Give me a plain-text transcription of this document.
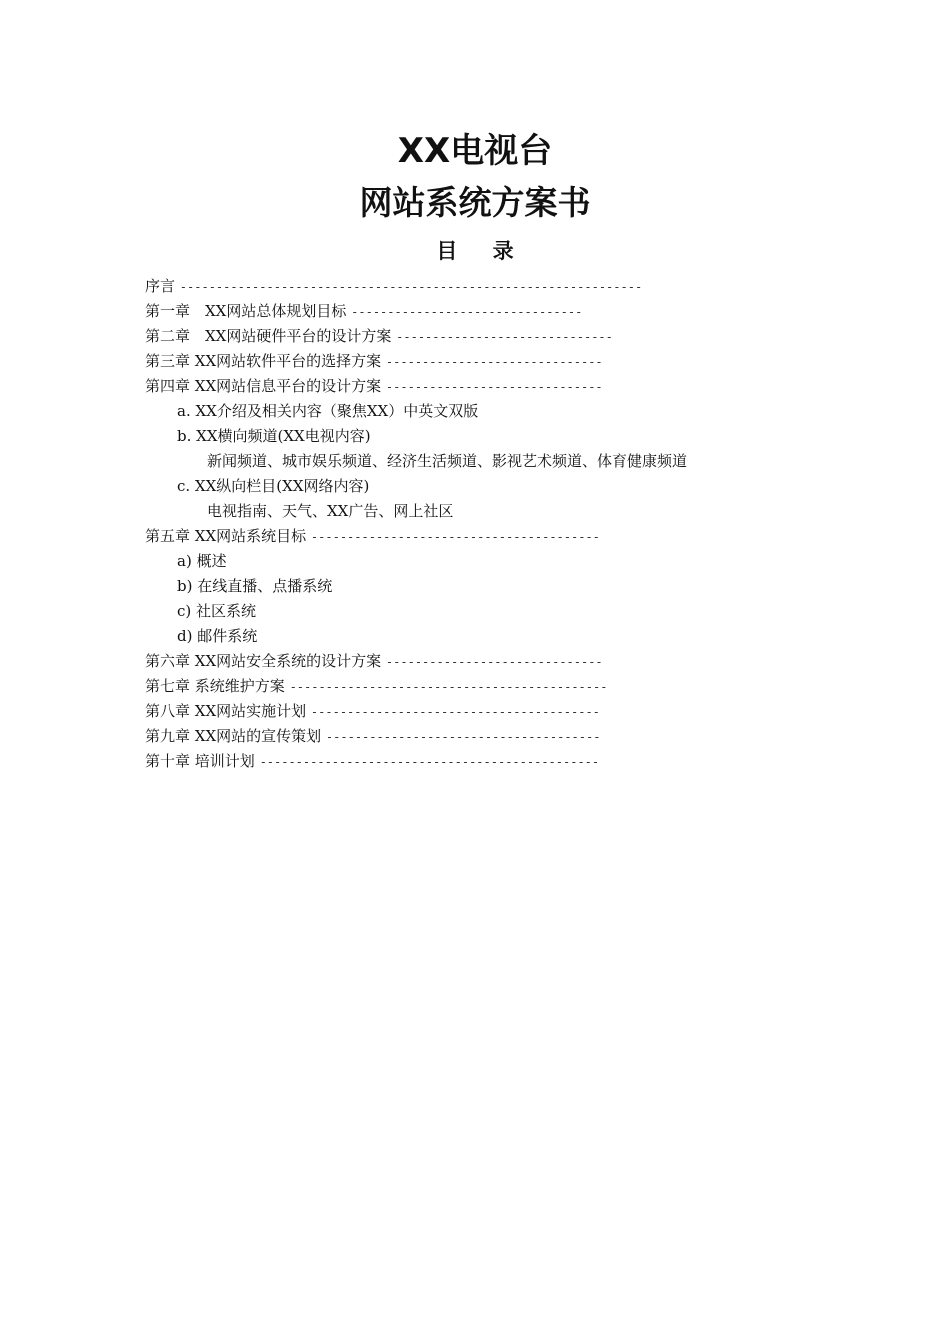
XX电视台
网站系统方案书
目 录
序言 ----------------------------------------------------------------
第一章　XX网站总体规划目标 --------------------------------
第二章　XX网站硬件平台的设计方案 ------------------------------
第三章 XX网站软件平台的选择方案 ------------------------------
第四章 XX网站信息平台的设计方案 ------------------------------
a. XX介绍及相关内容（聚焦XX）中英文双版
b. XX横向频道(XX电视内容)
新闻频道、城市娱乐频道、经济生活频道、影视艺术频道、体育健康频道
c. XX纵向栏目(XX网络内容)
电视指南、天气、XX广告、网上社区
第五章 XX网站系统目标 ----------------------------------------
a) 概述
b) 在线直播、点播系统
c) 社区系统
d) 邮件系统
第六章 XX网站安全系统的设计方案 ------------------------------
第七章 系统维护方案 --------------------------------------------
第八章 XX网站实施计划 ----------------------------------------
第九章 XX网站的宣传策划 --------------------------------------
第十章 培训计划 -----------------------------------------------
